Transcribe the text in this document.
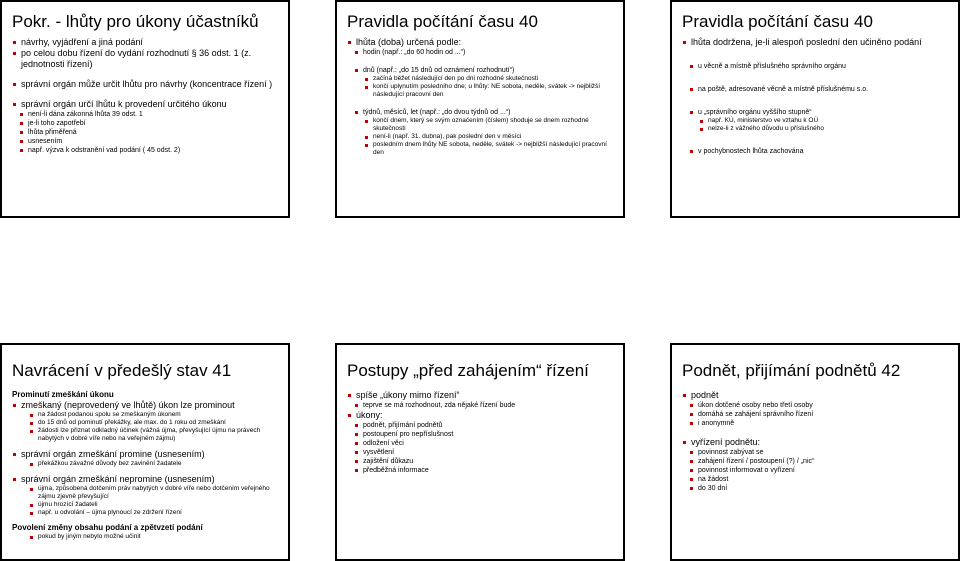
Pokr. - lhůty pro úkony účastníků
návrhy, vyjádření a jiná podání
po celou dobu řízení do vydání rozhodnutí § 36 odst. 1 (z. jednotnosti řízení)
správní orgán může určit lhůtu pro návrhy (koncentrace řízení )
správní orgán určí lhůtu k provedení určitého úkonu
není-li dána zákonná lhůta 39 odst. 1
je-li toho zapotřebí
lhůta přiměřená
usnesením
např. výzva k odstranění vad podání ( 45 odst. 2)
Pravidla počítání času 40
lhůta (doba) určená podle:
hodin (např.: „do 60 hodin od ...“)
dnů (např.: „do 15 dnů od oznámení rozhodnutí“)
začíná běžet následující den po dni rozhodné skutečnosti
končí uplynutím posledního dne; u lhůty: NE sobota, neděle, svátek -> nejbližší následující pracovní den
týdnů, měsíců, let (např.: „do dvou týdnů od ...“)
končí dnem, který se svým označením (číslem) shoduje se dnem rozhodné skutečnosti
není-li (např. 31. dubna), pak poslední den v měsíci
posledním dnem lhůty NE sobota, neděle, svátek -> nejbližší následující pracovní den
Pravidla počítání času 40
lhůta dodržena, je-li alespoň poslední den učiněno podání
u věcně a místně příslušného správního orgánu
na poště, adresované věcně a místně příslušnému s.o.
u „správního orgánu vyššího stupně“
např. KÚ, ministerstvo ve vztahu k OÚ
nelze-li z vážného důvodu u příslušného
v pochybnostech lhůta zachována
Navrácení v předešlý stav 41
Prominutí zmeškání úkonu
zmeškaný (neprovedený ve lhůtě) úkon lze prominout
na žádost podanou spolu se zmeškaným úkonem
do 15 dnů od pominutí překážky, ale max. do 1 roku od zmeškání
žádosti lze přiznat odkladný účinek (vážná újma, převyšující újmu na právech nabytých v dobré víře nebo na veřejném zájmu)
správní orgán zmeškání promine (usnesením)
překážkou závažné důvody bez zavinění žadatele
správní orgán zmeškání nepromine (usnesením)
újma, způsobená dotčením práv nabytých v dobré víře nebo dotčením veřejného zájmu zjevně převyšující
újmu hrozící žadateli
např. u odvolání – újma plynoucí ze zdržení řízení
Povolení změny obsahu podání a zpětvzetí podání
pokud by jiným nebylo možné učinit
Postupy „před zahájením“ řízení
spíše „úkony mimo řízení“
teprve se má rozhodnout, zda nějaké řízení bude
úkony:
podnět, přijímání podnětů
postoupení pro nepříslušnost
odložení věci
vysvětlení
zajištění důkazu
předběžná informace
Podnět, přijímání podnětů 42
podnět
úkon dotčené osoby nebo třetí osoby
domáhá se zahájení správního řízení
i anonymně
vyřízení podnětu:
povinnost zabývat se
zahájení řízení / postoupení (?) / „nic“
povinnost informovat o vyřízení
na žádost
do 30 dní
